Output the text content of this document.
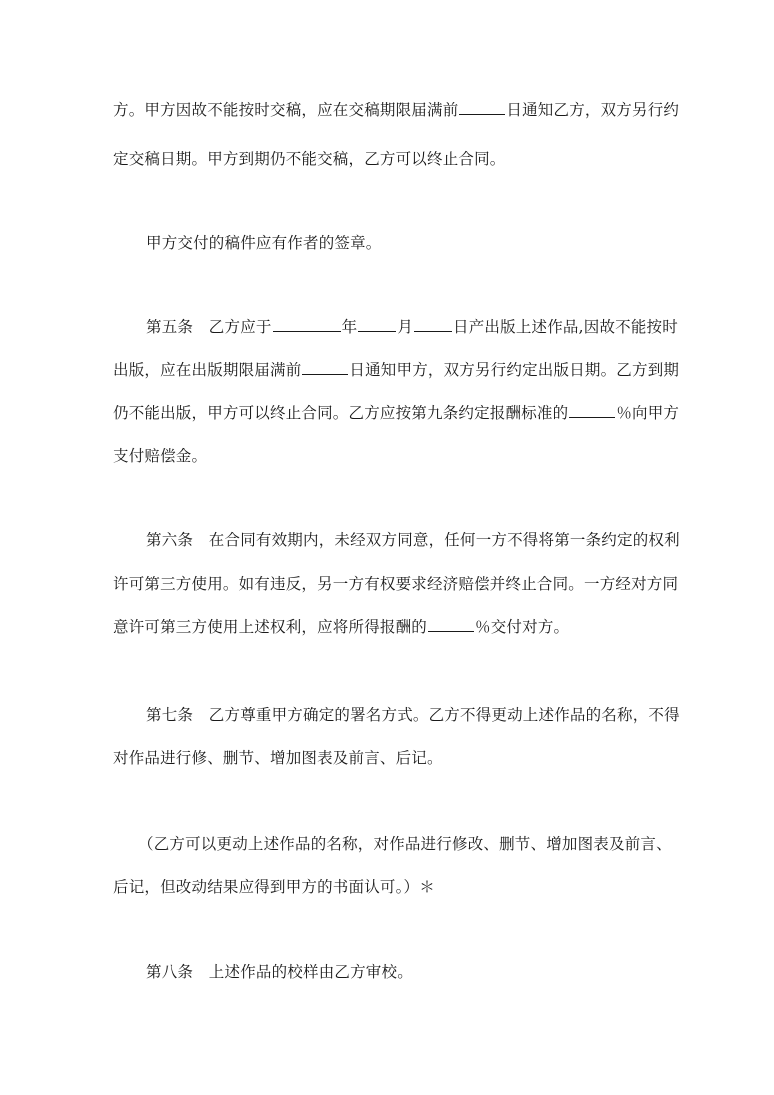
方。甲方因故不能按时交稿，应在交稿期限届满前	日通知乙方，双方另行约
定交稿日期。甲方到期仍不能交稿，乙方可以终止合同。
甲方交付的稿件应有作者的签章。
第五条　乙方应于	年	月	日产出版上述作品,因故不能按时
出版，应在出版期限届满前	日通知甲方，双方另行约定出版日期。乙方到期
仍不能出版，甲方可以终止合同。乙方应按第九条约定报酬标准的	％向甲方
支付赔偿金。
第六条　在合同有效期内，未经双方同意，任何一方不得将第一条约定的权利
许可第三方使用。如有违反，另一方有权要求经济赔偿并终止合同。一方经对方同
意许可第三方使用上述权利，应将所得报酬的	％交付对方。
第七条　乙方尊重甲方确定的署名方式。乙方不得更动上述作品的名称，不得
对作品进行修、删节、增加图表及前言、后记。
（乙方可以更动上述作品的名称，对作品进行修改、删节、增加图表及前言、
后记，但改动结果应得到甲方的书面认可。）＊
第八条　上述作品的校样由乙方审校。
